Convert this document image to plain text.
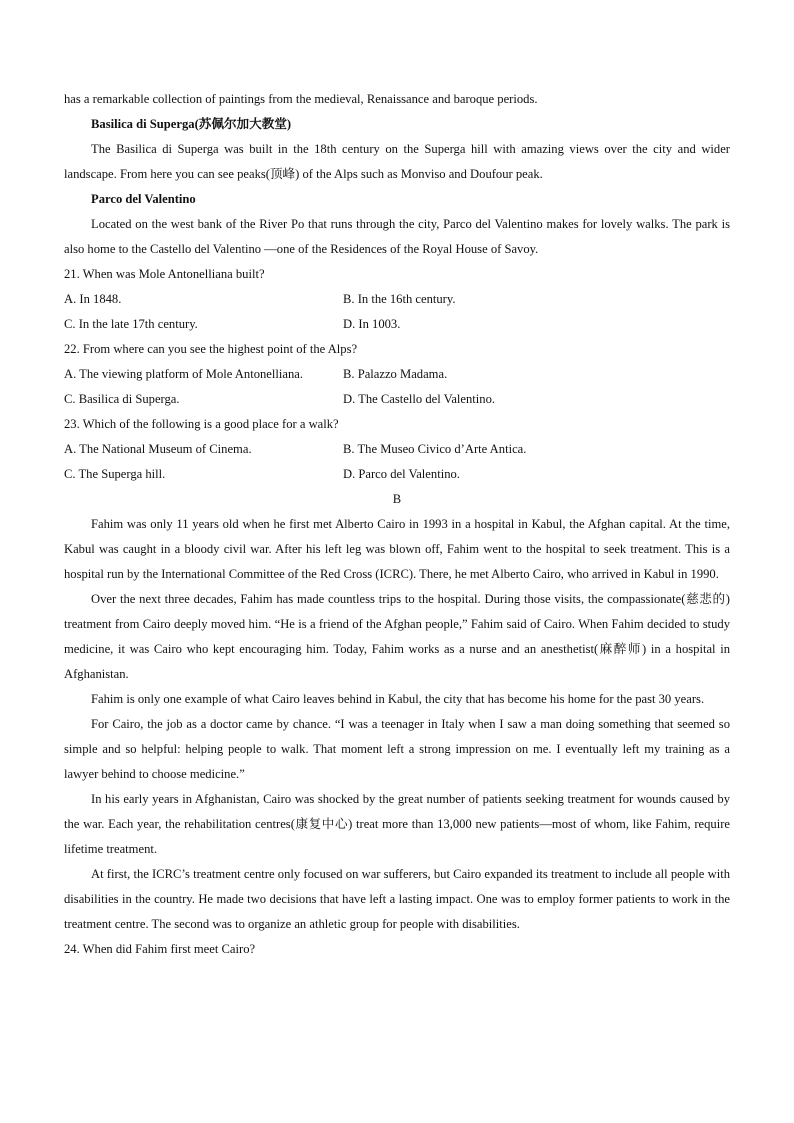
has a remarkable collection of paintings from the medieval, Renaissance and baroque periods.

Basilica di Superga(苏佩尔加大教堂)

The Basilica di Superga was built in the 18th century on the Superga hill with amazing views over the city and wider landscape. From here you can see peaks(顶峰) of the Alps such as Monviso and Doufour peak.

Parco del Valentino

Located on the west bank of the River Po that runs through the city, Parco del Valentino makes for lovely walks. The park is also home to the Castello del Valentino —one of the Residences of the Royal House of Savoy.

21. When was Mole Antonelliana built?
A. In 1848.	B. In the 16th century.
C. In the late 17th century.	D. In 1003.
22. From where can you see the highest point of the Alps?
A. The viewing platform of Mole Antonelliana.	B. Palazzo Madama.
C. Basilica di Superga.	D. The Castello del Valentino.
23. Which of the following is a good place for a walk?
A. The National Museum of Cinema.	B. The Museo Civico d’Arte Antica.
C. The Superga hill.	D. Parco del Valentino.
B

Fahim was only 11 years old when he first met Alberto Cairo in 1993 in a hospital in Kabul, the Afghan capital. At the time, Kabul was caught in a bloody civil war. After his left leg was blown off, Fahim went to the hospital to seek treatment. This is a hospital run by the International Committee of the Red Cross (ICRC). There, he met Alberto Cairo, who arrived in Kabul in 1990.

Over the next three decades, Fahim has made countless trips to the hospital. During those visits, the compassionate(慈悲的) treatment from Cairo deeply moved him. “He is a friend of the Afghan people,” Fahim said of Cairo. When Fahim decided to study medicine, it was Cairo who kept encouraging him. Today, Fahim works as a nurse and an anesthetist(麻醉师) in a hospital in Afghanistan.

Fahim is only one example of what Cairo leaves behind in Kabul, the city that has become his home for the past 30 years.

For Cairo, the job as a doctor came by chance. “I was a teenager in Italy when I saw a man doing something that seemed so simple and so helpful: helping people to walk. That moment left a strong impression on me. I eventually left my training as a lawyer behind to choose medicine.”

In his early years in Afghanistan, Cairo was shocked by the great number of patients seeking treatment for wounds caused by the war. Each year, the rehabilitation centres(康复中心) treat more than 13,000 new patients—most of whom, like Fahim, require lifetime treatment.

At first, the ICRC’s treatment centre only focused on war sufferers, but Cairo expanded its treatment to include all people with disabilities in the country. He made two decisions that have left a lasting impact. One was to employ former patients to work in the treatment centre. The second was to organize an athletic group for people with disabilities.

24. When did Fahim first meet Cairo?
